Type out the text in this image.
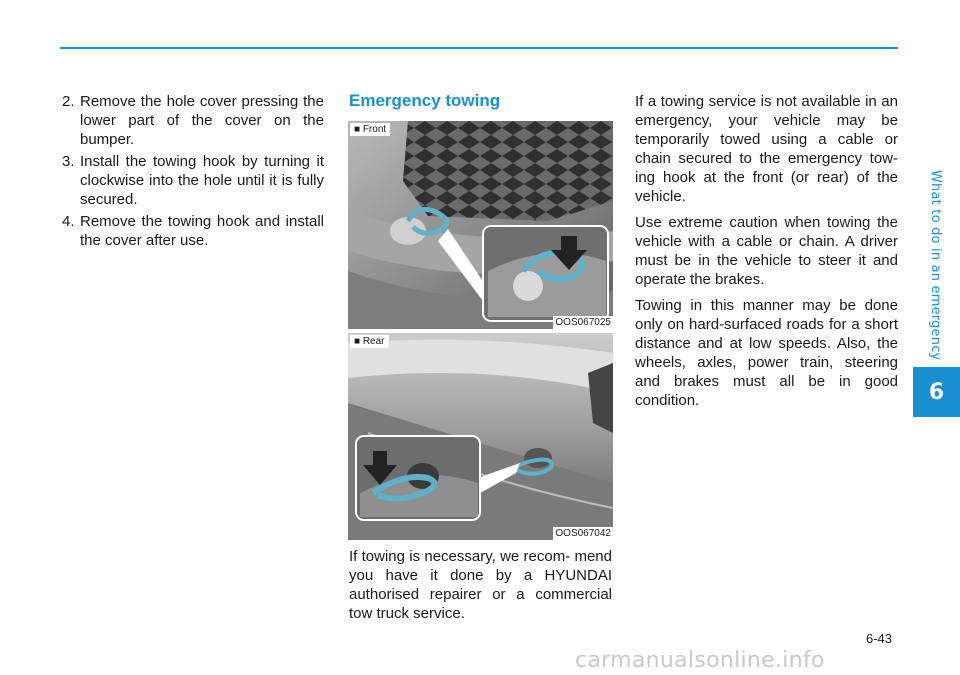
What to do in an emergency
6
2. Remove the hole cover pressing the lower part of the cover on the bumper.
3. Install the towing hook by turning it clockwise into the hole until it is fully secured.
4. Remove the towing hook and install the cover after use.
Emergency towing
■ Front
OOS067025
■ Rear
OOS067042

If towing is necessary, we recom- mend you have it done by a HYUNDAI authorised repairer or a commercial tow truck service.

If a towing service is not available in an emergency, your vehicle may be temporarily towed using a cable or chain secured to the emergency tow- ing hook at the front (or rear) of the vehicle.

Use extreme caution when towing the vehicle with a cable or chain. A driver must be in the vehicle to steer it and operate the brakes.

Towing in this manner may be done only on hard-surfaced roads for a short distance and at low speeds. Also, the wheels, axles, power train, steering and brakes must all be in good condition.

6-43
carmanualsonline.info
